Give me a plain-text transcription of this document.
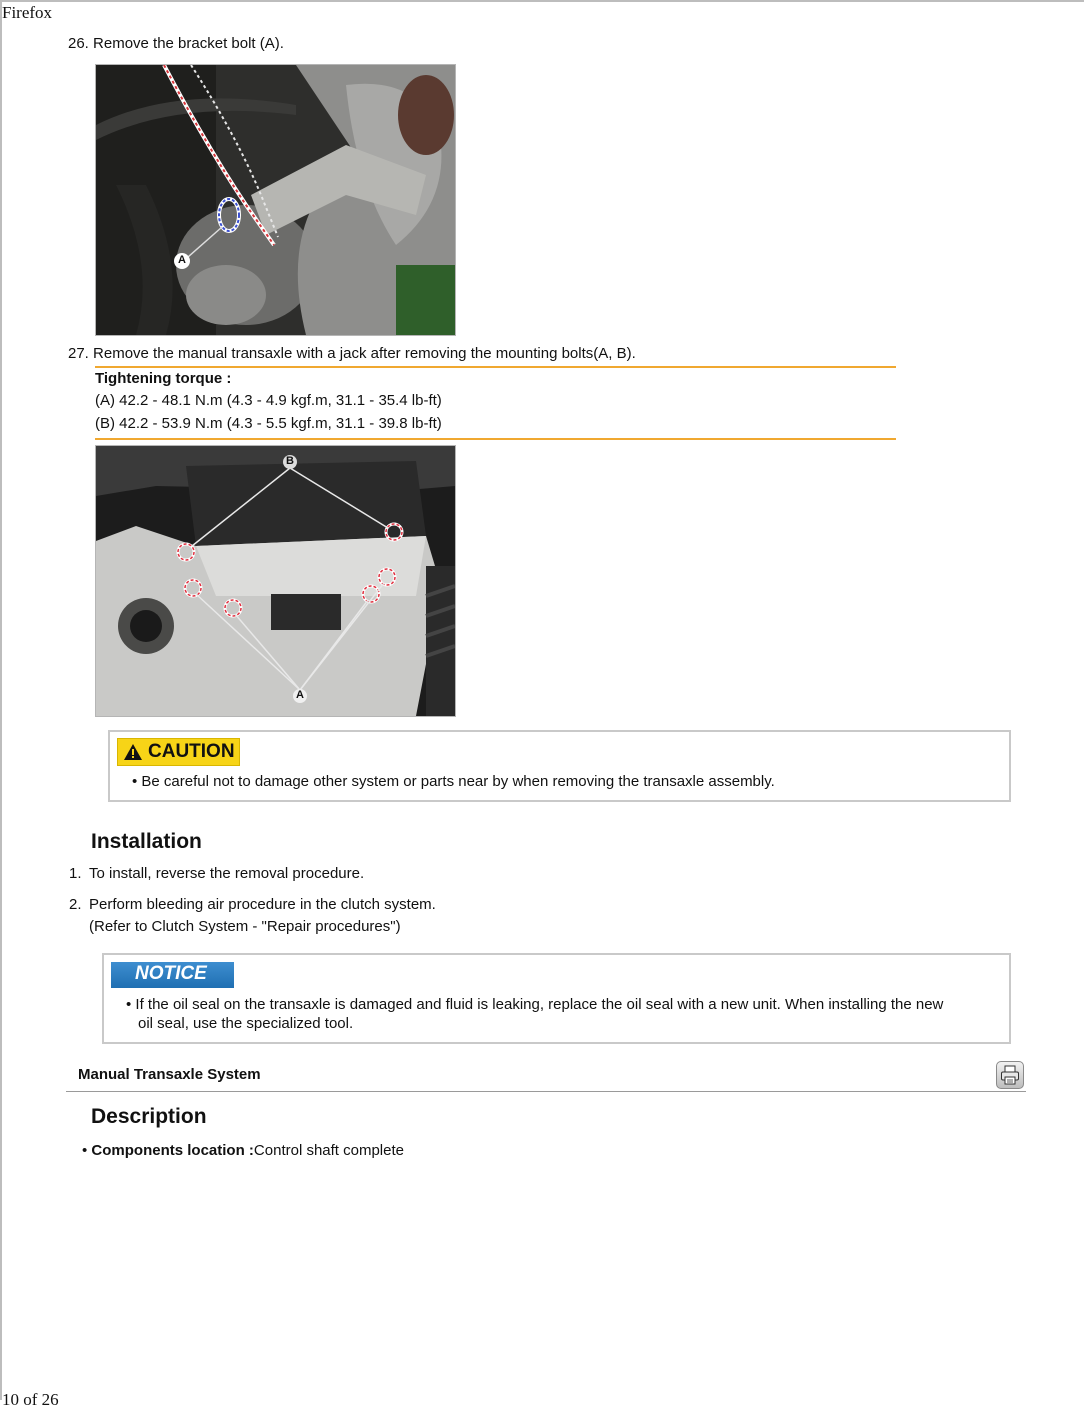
Firefox
26. Remove the bracket bolt (A).
A
27. Remove the manual transaxle with a jack after removing the mounting bolts(A, B).
Tightening torque :
(A) 42.2 - 48.1 N.m (4.3 - 4.9 kgf.m, 31.1 - 35.4 lb-ft)
(B) 42.2 - 53.9 N.m (4.3 - 5.5 kgf.m, 31.1 - 39.8 lb-ft)
B
A
CAUTION
• Be careful not to damage other system or parts near by when removing the transaxle assembly.
Installation
1. To install, reverse the removal procedure.
2. Perform bleeding air procedure in the clutch system.
(Refer to Clutch System - "Repair procedures")
NOTICE
• If the oil seal on the transaxle is damaged and fluid is leaking, replace the oil seal with a new unit. When installing the new
oil seal, use the specialized tool.
Manual Transaxle System
Description
• Components location :Control shaft complete
10 of 26
